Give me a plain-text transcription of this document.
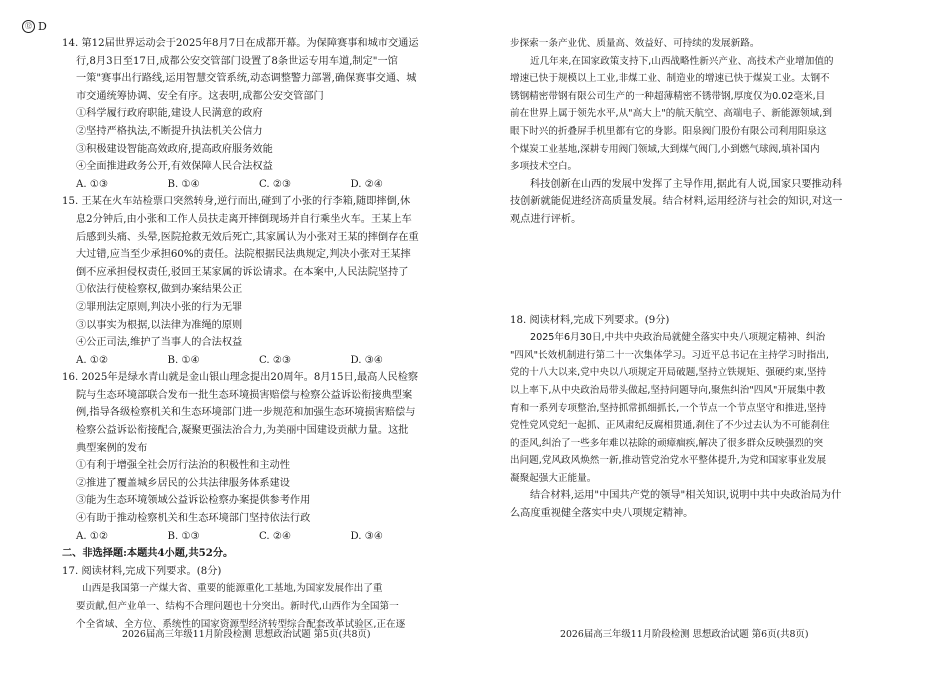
⑫ D
14. 第12届世界运动会于2025年8月7日在成都开幕。为保障赛事和城市交通运
行,8月3日至17日,成都公安交管部门设置了8条世运专用车道,制定"一馆
一策"赛事出行路线,运用智慧交管系统,动态调整警力部署,确保赛事交通、城
市交通统筹协调、安全有序。这表明,成都公安交管部门
①科学履行政府职能,建设人民满意的政府
②坚持严格执法,不断提升执法机关公信力
③积极建设智能高效政府,提高政府服务效能
④全面推进政务公开,有效保障人民合法权益
A. ①③	B. ①④	C. ②③	D. ②④
15. 王某在火车站检票口突然转身,逆行而出,碰到了小张的行李箱,随即摔倒,休
息2分钟后,由小张和工作人员扶走离开摔倒现场并自行乘坐火车。王某上车
后感到头痛、头晕,医院抢救无效后死亡,其家属认为小张对王某的摔倒存在重
大过错,应当至少承担60%的责任。法院根据民法典规定,判决小张对王某摔
倒不应承担侵权责任,驳回王某家属的诉讼请求。在本案中,人民法院坚持了
①依法行使检察权,做到办案结果公正
②罪刑法定原则,判决小张的行为无罪
③以事实为根据,以法律为准绳的原则
④公正司法,维护了当事人的合法权益
A. ①②	B. ①④	C. ②③	D. ③④
16. 2025年是绿水青山就是金山银山理念提出20周年。8月15日,最高人民检察
院与生态环境部联合发布一批生态环境损害赔偿与检察公益诉讼衔接典型案
例,指导各级检察机关和生态环境部门进一步规范和加强生态环境损害赔偿与
检察公益诉讼衔接配合,凝聚更强法治合力,为美丽中国建设贡献力量。这批
典型案例的发布
①有利于增强全社会厉行法治的积极性和主动性
②推进了覆盖城乡居民的公共法律服务体系建设
③能为生态环境领域公益诉讼检察办案提供参考作用
④有助于推动检察机关和生态环境部门坚持依法行政
A. ①②	B. ①③	C. ②④	D. ③④
二、非选择题:本题共4小题,共52分。
17. 阅读材料,完成下列要求。(8分)
山西是我国第一产煤大省、重要的能源重化工基地,为国家发展作出了重
要贡献,但产业单一、结构不合理问题也十分突出。新时代,山西作为全国第一
个全省域、全方位、系统性的国家资源型经济转型综合配套改革试验区,正在逐
步探索一条产业优、质量高、效益好、可持续的发展新路。
近几年来,在国家政策支持下,山西战略性新兴产业、高技术产业增加值的
增速已快于规模以上工业,非煤工业、制造业的增速已快于煤炭工业。太钢不
锈钢精密带钢有限公司生产的一种超薄精密不锈带钢,厚度仅为0.02毫米,目
前在世界上属于领先水平,从"高大上"的航天航空、高端电子、新能源领域,到
眼下时兴的折叠屏手机里都有它的身影。阳泉阀门股份有限公司利用阳泉这
个煤炭工业基地,深耕专用阀门领域,大到煤气阀门,小到燃气球阀,填补国内
多项技术空白。
科技创新在山西的发展中发挥了主导作用,据此有人说,国家只要推动科
技创新就能促进经济高质量发展。结合材料,运用经济与社会的知识,对这一
观点进行评析。
18. 阅读材料,完成下列要求。(9分)
2025年6月30日,中共中央政治局就健全落实中央八项规定精神、纠治
"四风"长效机制进行第二十一次集体学习。习近平总书记在主持学习时指出,
党的十八大以来,党中央以八项规定开局破题,坚持立铁规矩、强硬约束,坚持
以上率下,从中央政治局带头做起,坚持问题导向,聚焦纠治"四风"开展集中教
育和一系列专项整治,坚持抓常抓细抓长,一个节点一个节点坚守和推进,坚持
党性党风党纪一起抓、正风肃纪反腐相贯通,刹住了不少过去认为不可能刹住
的歪风,纠治了一些多年难以祛除的顽瘴痼疾,解决了很多群众反映强烈的突
出问题,党风政风焕然一新,推动管党治党水平整体提升,为党和国家事业发展
凝聚起强大正能量。
结合材料,运用"中国共产党的领导"相关知识,说明中共中央政治局为什
么高度重视健全落实中央八项规定精神。
2026届高三年级11月阶段检测 思想政治试题 第5页(共8页)	2026届高三年级11月阶段检测 思想政治试题 第6页(共8页)
